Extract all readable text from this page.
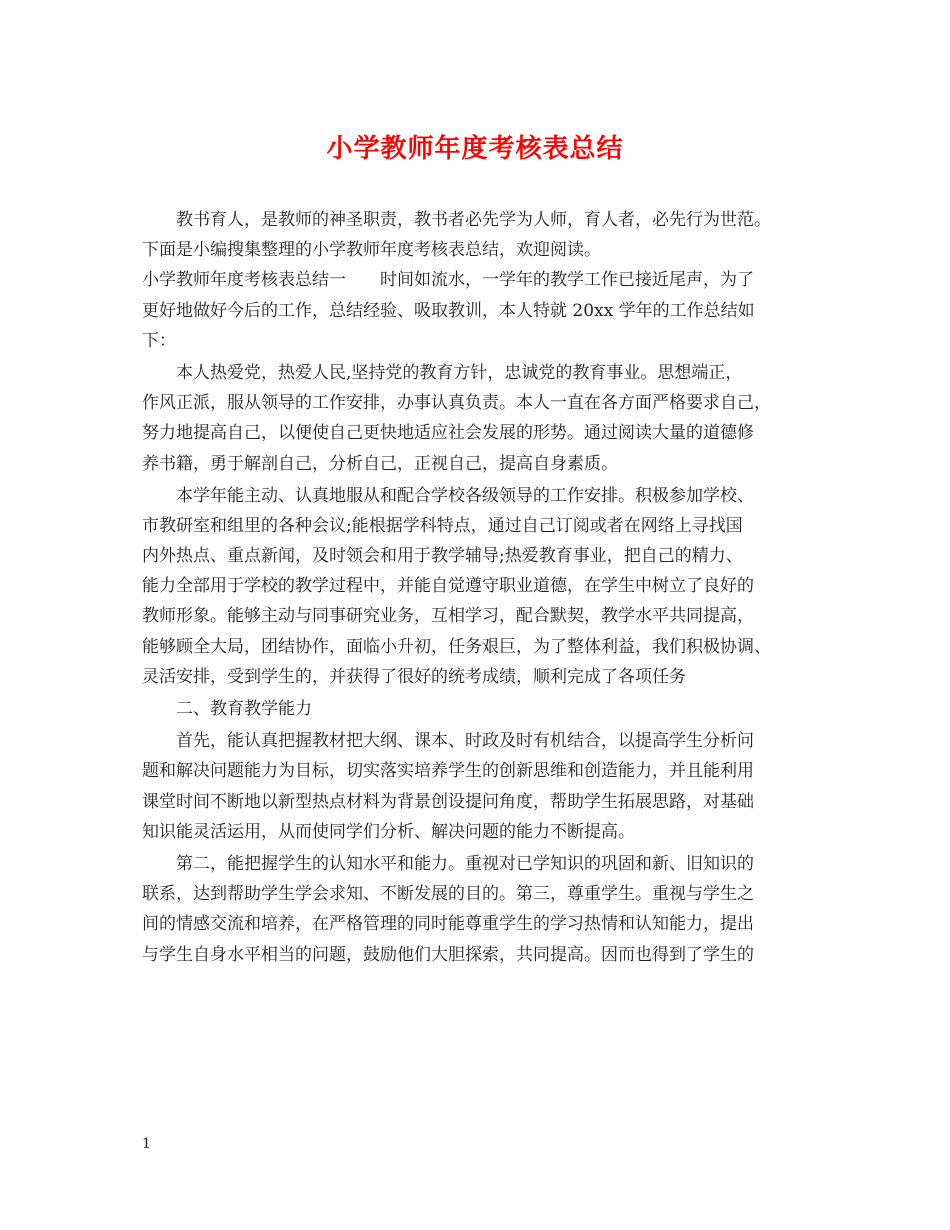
小学教师年度考核表总结
教书育人，是教师的神圣职责，教书者必先学为人师，育人者，必先行为世范。
下面是小编搜集整理的小学教师年度考核表总结，欢迎阅读。
小学教师年度考核表总结一　　时间如流水，一学年的教学工作已接近尾声，为了
更好地做好今后的工作，总结经验、吸取教训，本人特就 20xx 学年的工作总结如
下：
本人热爱党，热爱人民,坚持党的教育方针，忠诚党的教育事业。思想端正，
作风正派，服从领导的工作安排，办事认真负责。本人一直在各方面严格要求自己，
努力地提高自己，以便使自己更快地适应社会发展的形势。通过阅读大量的道德修
养书籍，勇于解剖自己，分析自己，正视自己，提高自身素质。
本学年能主动、认真地服从和配合学校各级领导的工作安排。积极参加学校、
市教研室和组里的各种会议;能根据学科特点，通过自己订阅或者在网络上寻找国
内外热点、重点新闻，及时领会和用于教学辅导;热爱教育事业，把自己的精力、
能力全部用于学校的教学过程中，并能自觉遵守职业道德，在学生中树立了良好的
教师形象。能够主动与同事研究业务，互相学习，配合默契，教学水平共同提高，
能够顾全大局，团结协作，面临小升初，任务艰巨，为了整体利益，我们积极协调、
灵活安排，受到学生的，并获得了很好的统考成绩，顺利完成了各项任务
二、教育教学能力
首先，能认真把握教材把大纲、课本、时政及时有机结合，以提高学生分析问
题和解决问题能力为目标，切实落实培养学生的创新思维和创造能力，并且能利用
课堂时间不断地以新型热点材料为背景创设提问角度，帮助学生拓展思路，对基础
知识能灵活运用，从而使同学们分析、解决问题的能力不断提高。
第二，能把握学生的认知水平和能力。重视对已学知识的巩固和新、旧知识的
联系，达到帮助学生学会求知、不断发展的目的。第三，尊重学生。重视与学生之
间的情感交流和培养，在严格管理的同时能尊重学生的学习热情和认知能力，提出
与学生自身水平相当的问题，鼓励他们大胆探索，共同提高。因而也得到了学生的
1
